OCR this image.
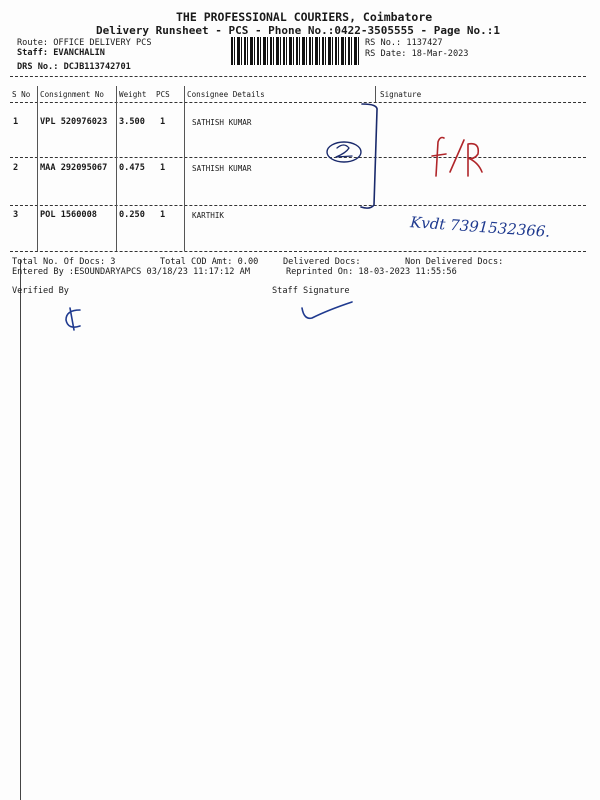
THE PROFESSIONAL COURIERS, Coimbatore
Delivery Runsheet - PCS - Phone No.:0422-3505555 - Page No.:1
Route: OFFICE DELIVERY PCS
Staff: EVANCHALIN
DRS No.: DCJB113742701
RS No.: 1137427
RS Date: 18-Mar-2023
S No Consignment No Weight PCS Consignee Details	Signature
1	VPL 520976023 3.500 1	SATHISH KUMAR
2	MAA 292095067 0.475 1	SATHISH KUMAR
3	POL 1560008	0.250 1	KARTHIK
Total No. Of Docs: 3	Total COD Amt: 0.00	Delivered Docs:	Non Delivered Docs:
Entered By :ESOUNDARYAPCS 03/18/23 11:17:12 AM	Reprinted On: 18-03-2023 11:55:56
Verified By	Staff Signature
Kvdt 7391532366.
